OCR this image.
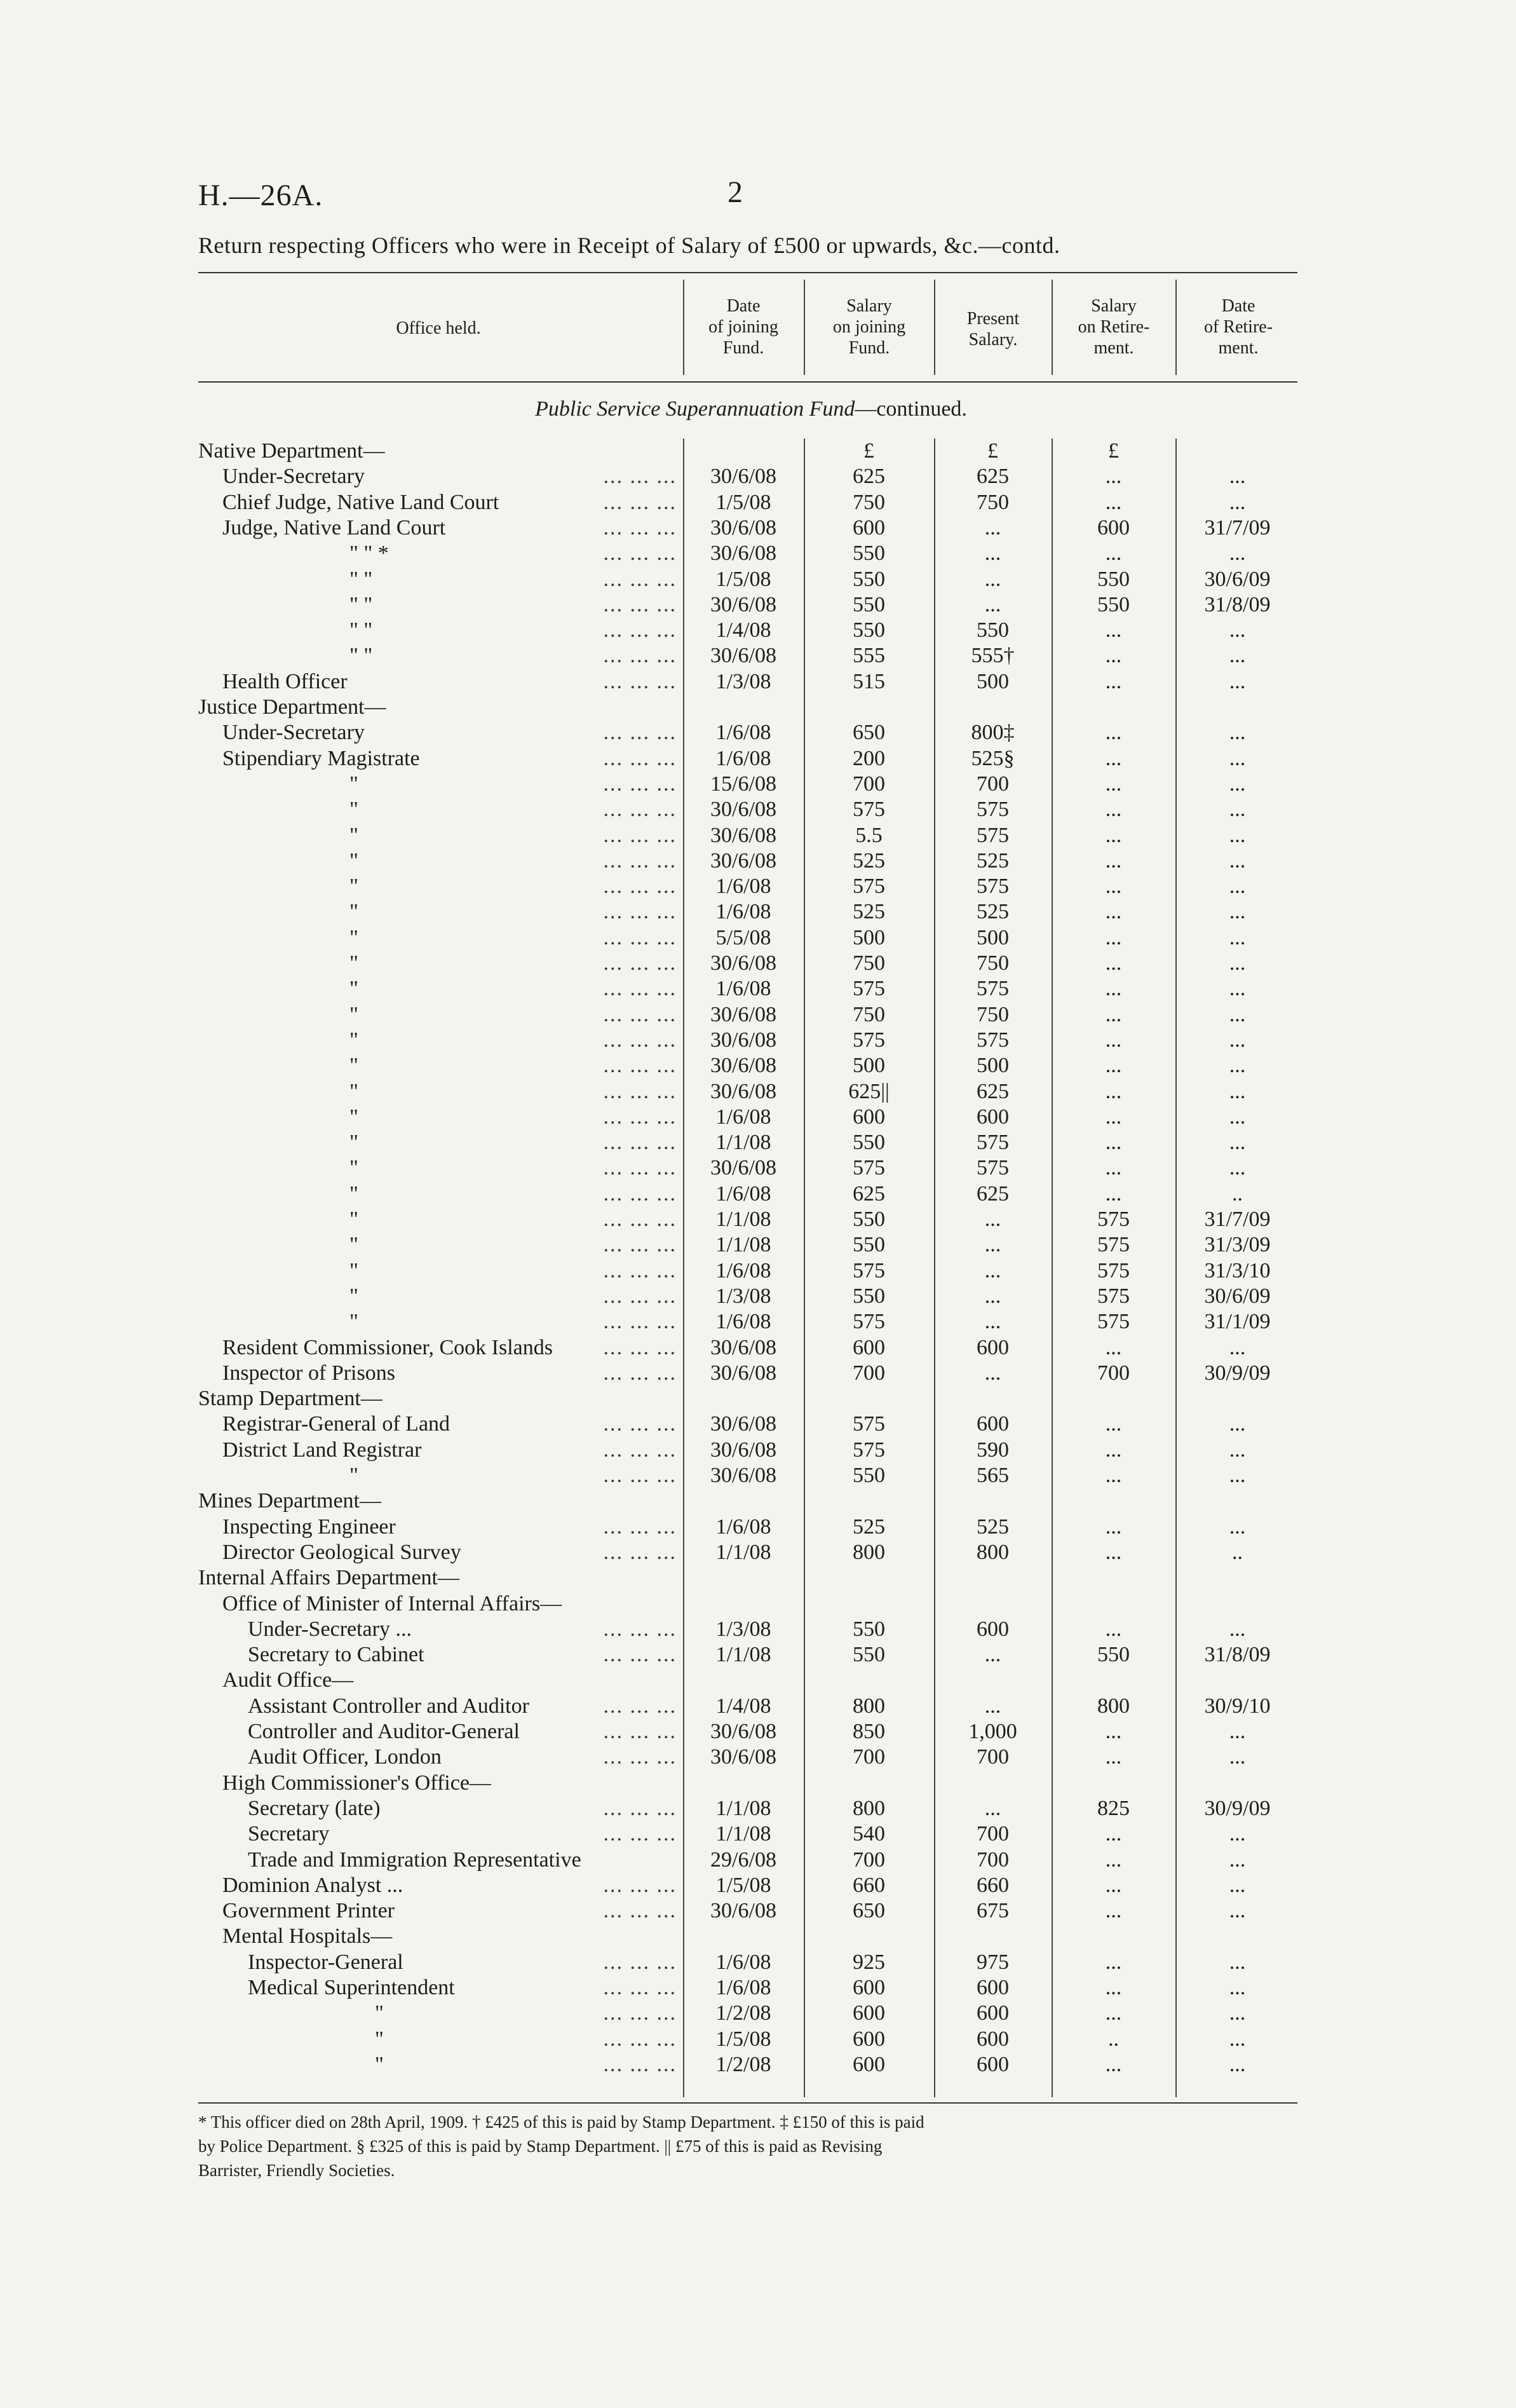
H.—26A.	2
Return respecting Officers who were in Receipt of Salary of £500 or upwards, &c.—contd.
Office held.
Date
of joining
Fund.
Salary
on joining
Fund.
Present
Salary.
Salary
on Retire-
ment.
Date
of Retire-
ment.
Public Service Superannuation Fund—continued.
Native Department—	£	£	£
Under-Secretary	... ... ...	30/6/08	625	625	...	...
Chief Judge, Native Land Court	... ... ...	1/5/08	750	750	...	...
Judge, Native Land Court	... ... ...	30/6/08	600	...	600	31/7/09
" " *	... ... ...	30/6/08	550	...	...	...
" "	... ... ...	1/5/08	550	...	550	30/6/09
" "	... ... ...	30/6/08	550	...	550	31/8/09
" "	... ... ...	1/4/08	550	550	...	...
" "	... ... ...	30/6/08	555	555†	...	...
Health Officer	... ... ...	1/3/08	515	500	...	...
Justice Department—
Under-Secretary	... ... ...	1/6/08	650	800‡	...	...
Stipendiary Magistrate	... ... ...	1/6/08	200	525§	...	...
"	... ... ...	15/6/08	700	700	...	...
"	... ... ...	30/6/08	575	575	...	...
"	... ... ...	30/6/08	5.5	575	...	...
"	... ... ...	30/6/08	525	525	...	...
"	... ... ...	1/6/08	575	575	...	...
"	... ... ...	1/6/08	525	525	...	...
"	... ... ...	5/5/08	500	500	...	...
"	... ... ...	30/6/08	750	750	...	...
"	... ... ...	1/6/08	575	575	...	...
"	... ... ...	30/6/08	750	750	...	...
"	... ... ...	30/6/08	575	575	...	...
"	... ... ...	30/6/08	500	500	...	...
"	... ... ...	30/6/08	625||	625	...	...
"	... ... ...	1/6/08	600	600	...	...
"	... ... ...	1/1/08	550	575	...	...
"	... ... ...	30/6/08	575	575	...	...
"	... ... ...	1/6/08	625	625	...	..
"	... ... ...	1/1/08	550	...	575	31/7/09
"	... ... ...	1/1/08	550	...	575	31/3/09
"	... ... ...	1/6/08	575	...	575	31/3/10
"	... ... ...	1/3/08	550	...	575	30/6/09
"	... ... ...	1/6/08	575	...	575	31/1/09
Resident Commissioner, Cook Islands ... ... ...	30/6/08	600	600	...	...
Inspector of Prisons	... ... ...	30/6/08	700	...	700	30/9/09
Stamp Department—
Registrar-General of Land	... ... ...	30/6/08	575	600	...	...
District Land Registrar	... ... ...	30/6/08	575	590	...	...
"	... ... ...	30/6/08	550	565	...	...
Mines Department—
Inspecting Engineer	... ... ...	1/6/08	525	525	...	...
Director Geological Survey	... ... ...	1/1/08	800	800	...	..
Internal Affairs Department—
Office of Minister of Internal Affairs—
Under-Secretary ...	... ... ...	1/3/08	550	600	...	...
Secretary to Cabinet	... ... ...	1/1/08	550	...	550	31/8/09
Audit Office—
Assistant Controller and Auditor	... ... ...	1/4/08	800	...	800	30/9/10
Controller and Auditor-General	... ... ...	30/6/08	850	1,000	...	...
Audit Officer, London	... ... ...	30/6/08	700	700	...	...
High Commissioner's Office—
Secretary (late)	... ... ...	1/1/08	800	...	825	30/9/09
Secretary	... ... ...	1/1/08	540	700	...	...
Trade and Immigration Representative	29/6/08	700	700	...	...
Dominion Analyst ...	... ... ...	1/5/08	660	660	...	...
Government Printer	... ... ...	30/6/08	650	675	...	...
Mental Hospitals—
Inspector-General	... ... ...	1/6/08	925	975	...	...
Medical Superintendent	... ... ...	1/6/08	600	600	...	...
"	... ... ...	1/2/08	600	600	...	...
"	... ... ...	1/5/08	600	600	..	...
"	... ... ...	1/2/08	600	600	...	...
* This officer died on 28th April, 1909. † £425 of this is paid by Stamp Department. ‡ £150 of this is paid
by Police Department. § £325 of this is paid by Stamp Department. || £75 of this is paid as Revising
Barrister, Friendly Societies.
